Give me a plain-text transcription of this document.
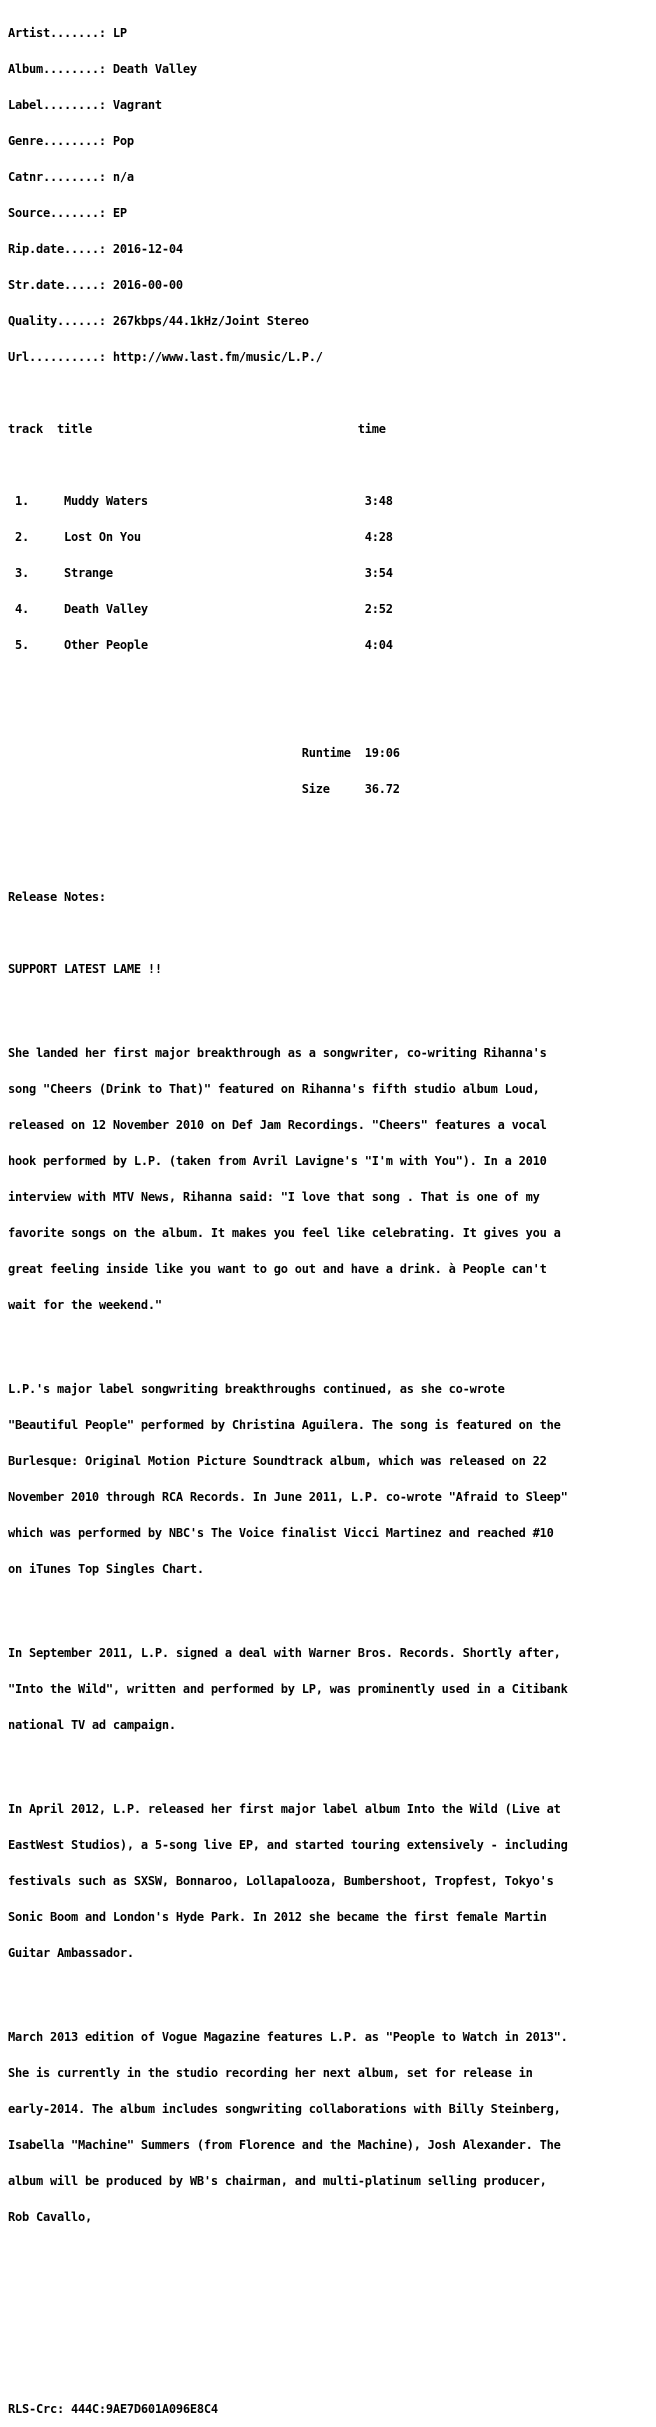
Artist.......: LP

Album........: Death Valley

Label........: Vagrant

Genre........: Pop

Catnr........: n/a

Source.......: EP

Rip.date.....: 2016-12-04

Str.date.....: 2016-00-00

Quality......: 267kbps/44.1kHz/Joint Stereo

Url..........: http://www.last.fm/music/L.P./

track  title                                      time

1.     Muddy Waters                               3:48

2.     Lost On You                                4:28

3.     Strange                                    3:54

4.     Death Valley                               2:52

5.     Other People                               4:04

Runtime  19:06

Size     36.72

Release Notes:

SUPPORT LATEST LAME !!

She landed her first major breakthrough as a songwriter, co-writing Rihanna's

song "Cheers (Drink to That)" featured on Rihanna's fifth studio album Loud,

released on 12 November 2010 on Def Jam Recordings. "Cheers" features a vocal

hook performed by L.P. (taken from Avril Lavigne's "I'm with You"). In a 2010

interview with MTV News, Rihanna said: "I love that song . That is one of my

favorite songs on the album. It makes you feel like celebrating. It gives you a

great feeling inside like you want to go out and have a drink. à People can't

wait for the weekend."

L.P.'s major label songwriting breakthroughs continued, as she co-wrote

"Beautiful People" performed by Christina Aguilera. The song is featured on the

Burlesque: Original Motion Picture Soundtrack album, which was released on 22

November 2010 through RCA Records. In June 2011, L.P. co-wrote "Afraid to Sleep"

which was performed by NBC's The Voice finalist Vicci Martinez and reached #10

on iTunes Top Singles Chart.

In September 2011, L.P. signed a deal with Warner Bros. Records. Shortly after,

"Into the Wild", written and performed by LP, was prominently used in a Citibank

national TV ad campaign.

In April 2012, L.P. released her first major label album Into the Wild (Live at

EastWest Studios), a 5-song live EP, and started touring extensively - including

festivals such as SXSW, Bonnaroo, Lollapalooza, Bumbershoot, Tropfest, Tokyo's

Sonic Boom and London's Hyde Park. In 2012 she became the first female Martin

Guitar Ambassador.

March 2013 edition of Vogue Magazine features L.P. as "People to Watch in 2013".

She is currently in the studio recording her next album, set for release in

early-2014. The album includes songwriting collaborations with Billy Steinberg,

Isabella "Machine" Summers (from Florence and the Machine), Josh Alexander. The

album will be produced by WB's chairman, and multi-platinum selling producer,

Rob Cavallo,

RLS-Crc: 444C:9AE7D601A096E8C4
